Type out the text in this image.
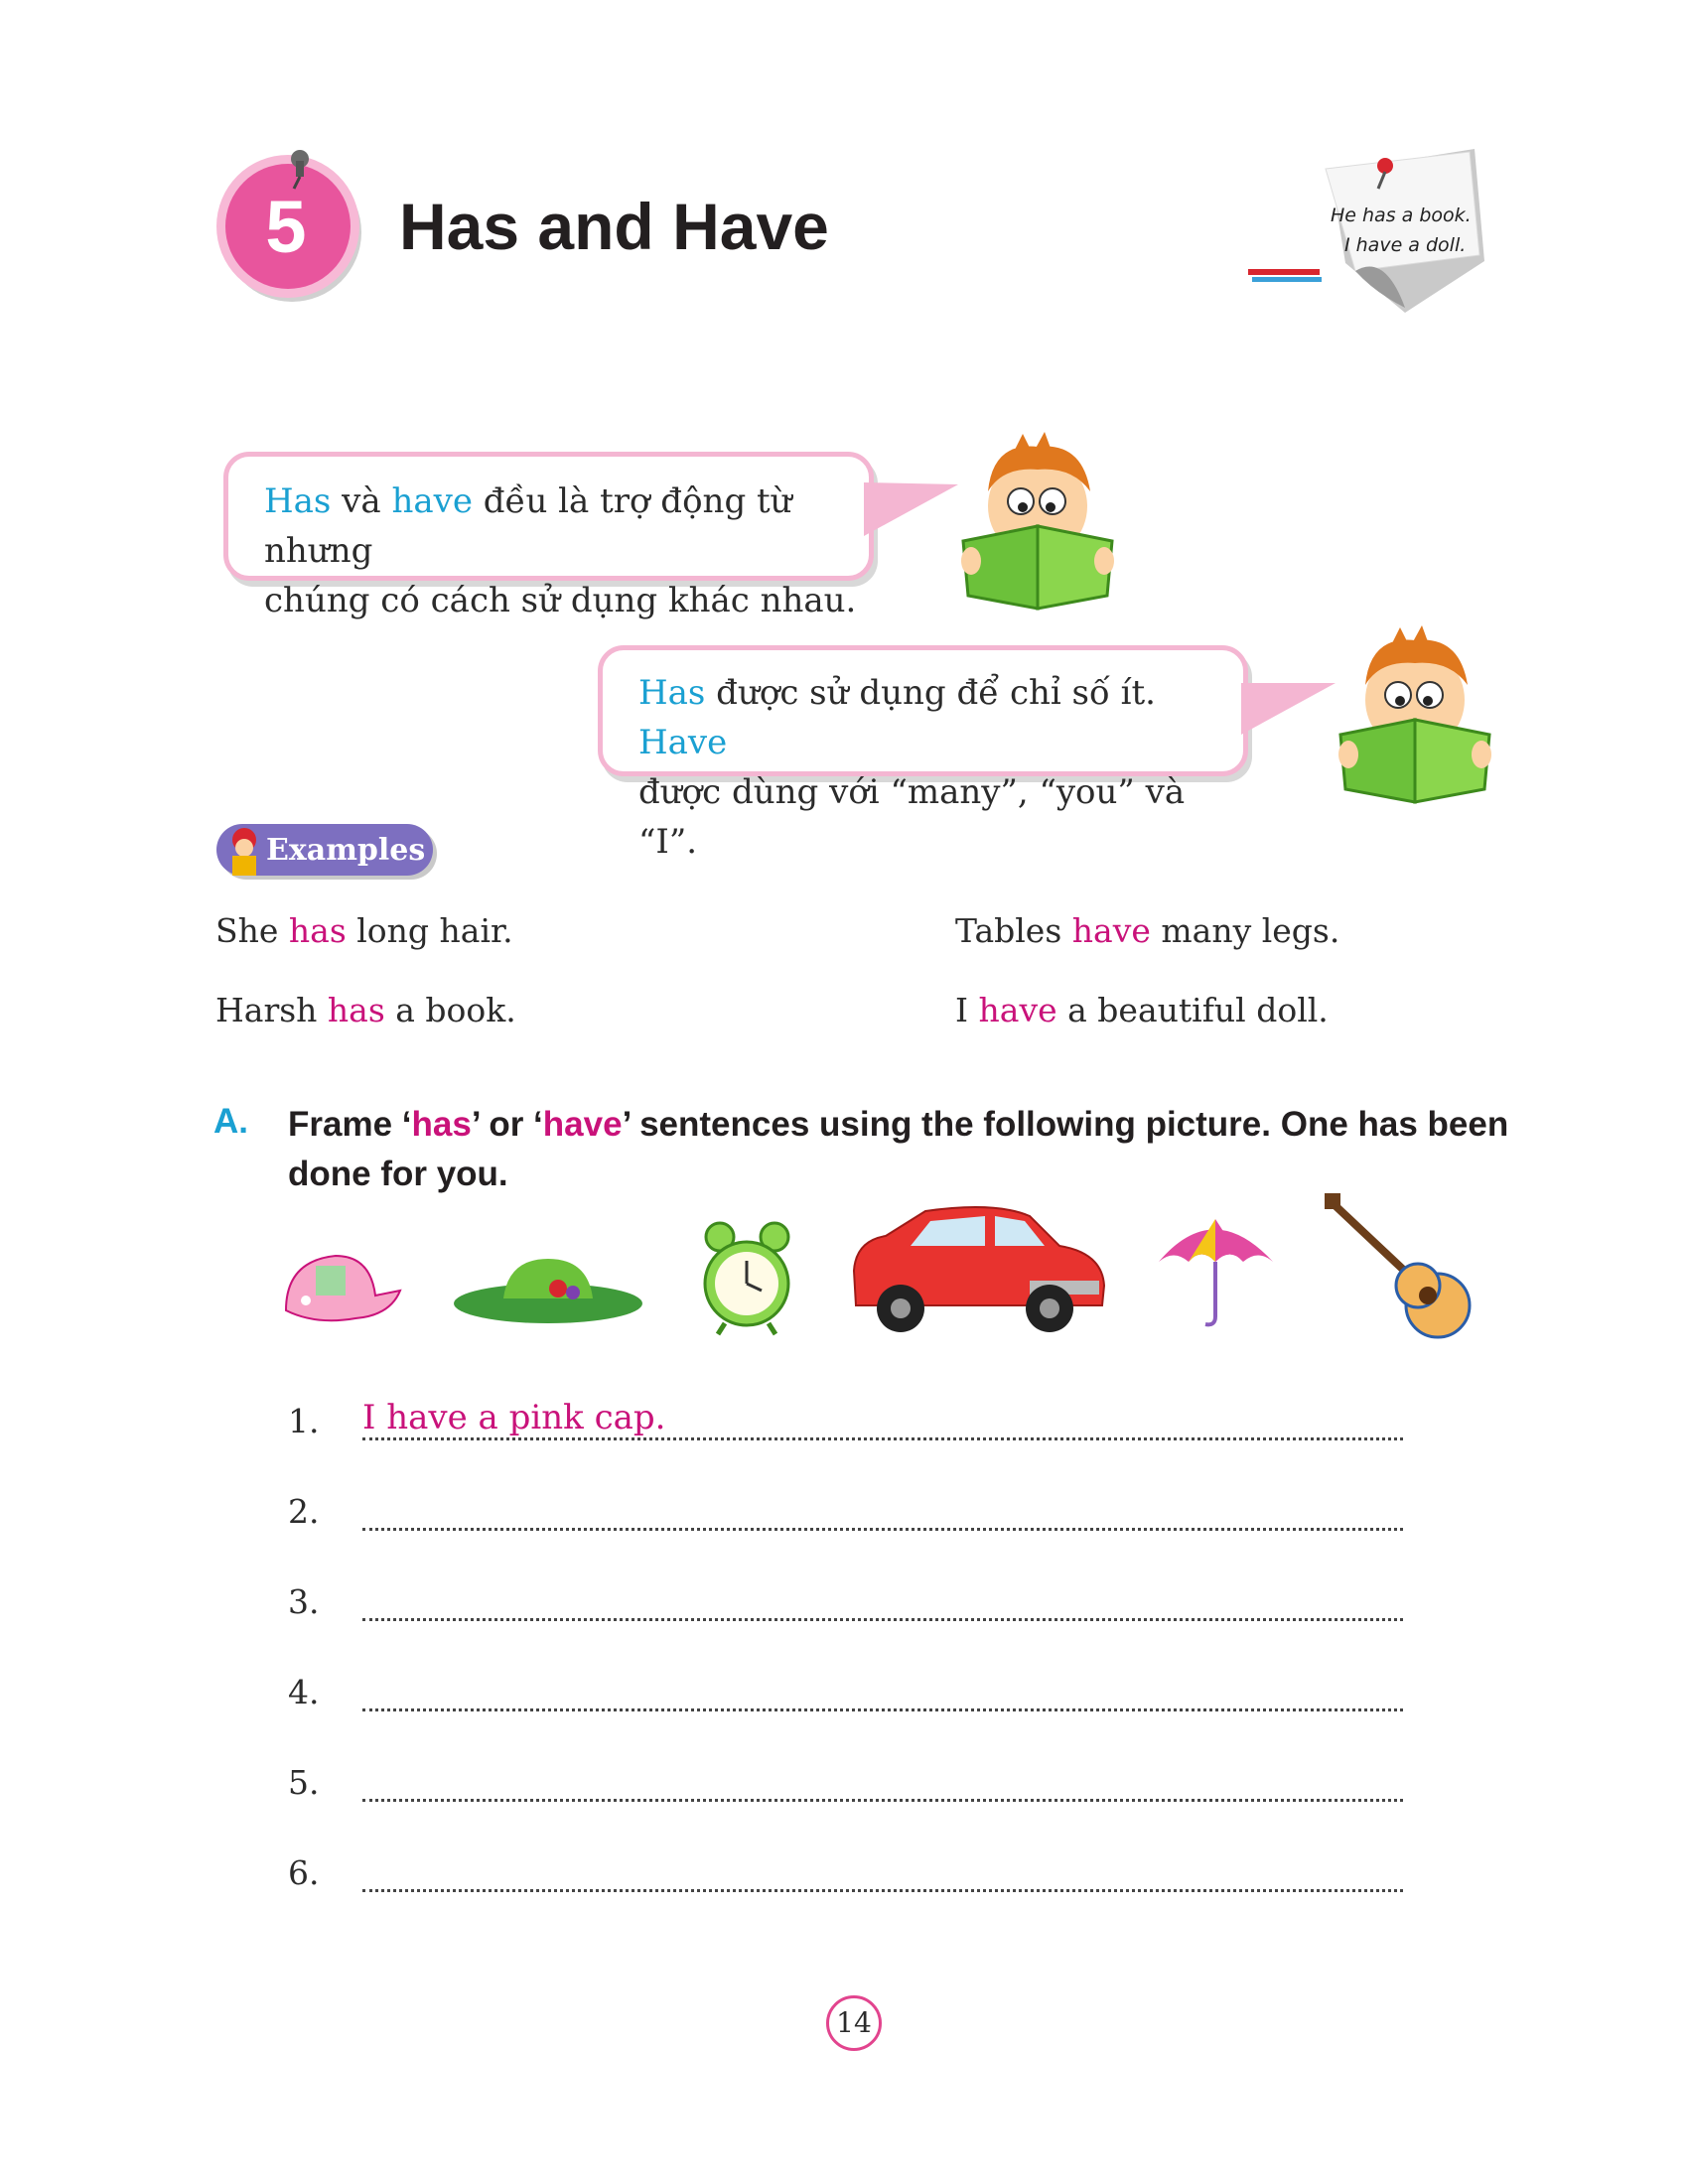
5 Has and Have	He has a book.
I have a doll.
Has và have đều là trợ động từ nhưng
chúng có cách sử dụng khác nhau.
Has được sử dụng để chỉ số ít. Have
được dùng với “many”, “you” và “I”.
Examples
She has long hair.	Tables have many legs.
Harsh has a book.	I have a beautiful doll.
A. Frame ‘has’ or ‘have’ sentences using the following picture. One has been done for you.
1. I have a pink cap.
2.
3.
4.
5.
6.
14
